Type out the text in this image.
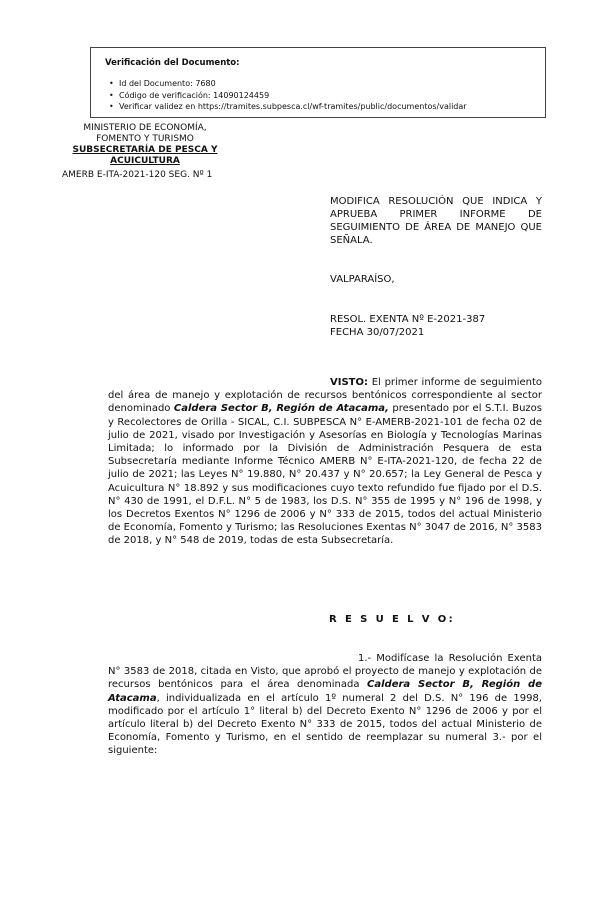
Verificación del Documento:
• Id del Documento: 7680
• Código de verificación: 14090124459
• Verificar validez en https://tramites.subpesca.cl/wf-tramites/public/documentos/validar
MINISTERIO DE ECONOMÍA,
FOMENTO Y TURISMO
SUBSECRETARÍA DE PESCA Y
ACUICULTURA
AMERB E-ITA-2021-120 SEG. Nº 1
MODIFICA RESOLUCIÓN QUE INDICA Y APRUEBA PRIMER INFORME DE SEGUIMIENTO DE ÁREA DE MANEJO QUE SEÑALA.
VALPARAÍSO,
RESOL. EXENTA Nº E-2021-387
FECHA 30/07/2021
VISTO: El primer informe de seguimiento del área de manejo y explotación de recursos bentónicos correspondiente al sector denominado Caldera Sector B, Región de Atacama, presentado por el S.T.I. Buzos y Recolectores de Orilla - SICAL, C.I. SUBPESCA N° E-AMERB-2021-101 de fecha 02 de julio de 2021, visado por Investigación y Asesorías en Biología y Tecnologías Marinas Limitada; lo informado por la División de Administración Pesquera de esta Subsecretaría mediante Informe Técnico AMERB N° E-ITA-2021-120, de fecha 22 de julio de 2021; las Leyes N° 19.880, N° 20.437 y N° 20.657; la Ley General de Pesca y Acuicultura N° 18.892 y sus modificaciones cuyo texto refundido fue fijado por el D.S. N° 430 de 1991, el D.F.L. N° 5 de 1983, los D.S. N° 355 de 1995 y N° 196 de 1998, y los Decretos Exentos N° 1296 de 2006 y N° 333 de 2015, todos del actual Ministerio de Economía, Fomento y Turismo; las Resoluciones Exentas N° 3047 de 2016, N° 3583 de 2018, y N° 548 de 2019, todas de esta Subsecretaría.
R E S U E L V O:
1.- Modifícase la Resolución Exenta N° 3583 de 2018, citada en Visto, que aprobó el proyecto de manejo y explotación de recursos bentónicos para el área denominada Caldera Sector B, Región de Atacama, individualizada en el artículo 1º numeral 2 del D.S. N° 196 de 1998, modificado por el artículo 1° literal b) del Decreto Exento N° 1296 de 2006 y por el artículo literal b) del Decreto Exento N° 333 de 2015, todos del actual Ministerio de Economía, Fomento y Turismo, en el sentido de reemplazar su numeral 3.- por el siguiente:
